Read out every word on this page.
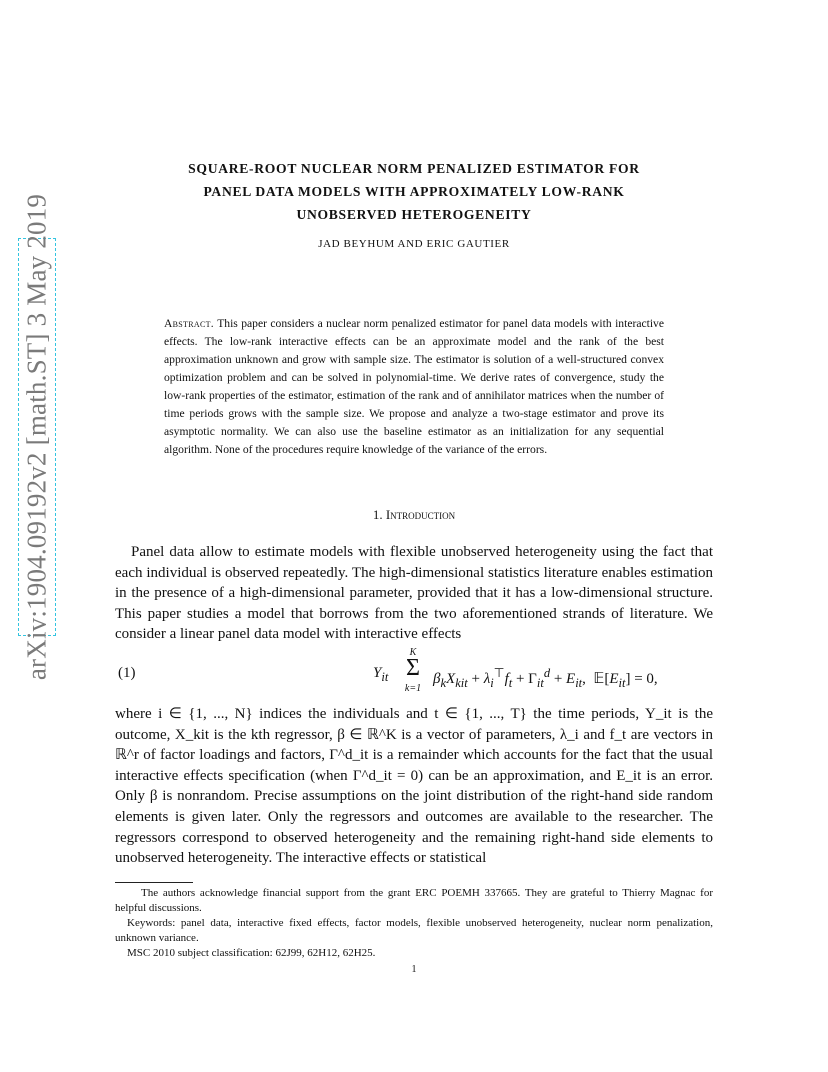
arXiv:1904.09192v2 [math.ST] 3 May 2019
SQUARE-ROOT NUCLEAR NORM PENALIZED ESTIMATOR FOR
PANEL DATA MODELS WITH APPROXIMATELY LOW-RANK
UNOBSERVED HETEROGENEITY
JAD BEYHUM AND ERIC GAUTIER
Abstract. This paper considers a nuclear norm penalized estimator for panel data models with interactive effects. The low-rank interactive effects can be an approximate model and the rank of the best approximation unknown and grow with sample size. The estimator is solution of a well-structured convex optimization problem and can be solved in polynomial-time. We derive rates of convergence, study the low-rank properties of the estimator, estimation of the rank and of annihilator matrices when the number of time periods grows with the sample size. We propose and analyze a two-stage estimator and prove its asymptotic normality. We can also use the baseline estimator as an initialization for any sequential algorithm. None of the procedures require knowledge of the variance of the errors.
1. Introduction
Panel data allow to estimate models with flexible unobserved heterogeneity using the fact that each individual is observed repeatedly. The high-dimensional statistics literature enables estimation in the presence of a high-dimensional parameter, provided that it has a low-dimensional structure. This paper studies a model that borrows from the two aforementioned strands of literature. We consider a linear panel data model with interactive effects
(1)	$Y_{it}$
K
Σ
k=1
$\beta_kX_{kit} + \lambda_i^⊤f_t + \Gamma_{it}^d + E_{it}$,  $𝔼[E_{it}] = 0$,
where i ∈ {1, ..., N} indices the individuals and t ∈ {1, ..., T} the time periods, Y_it is the outcome, X_kit is the kth regressor, β ∈ ℝ^K is a vector of parameters, λ_i and f_t are vectors in ℝ^r of factor loadings and factors, Γ^d_it is a remainder which accounts for the fact that the usual interactive effects specification (when Γ^d_it = 0) can be an approximation, and E_it is an error. Only β is nonrandom. Precise assumptions on the joint distribution of the right-hand side random elements is given later. Only the regressors and outcomes are available to the researcher. The regressors correspond to observed heterogeneity and the remaining right-hand side elements to unobserved heterogeneity. The interactive effects or statistical
The authors acknowledge financial support from the grant ERC POEMH 337665. They are grateful to Thierry Magnac for helpful discussions.
Keywords: panel data, interactive fixed effects, factor models, flexible unobserved heterogeneity, nuclear norm penalization, unknown variance.
MSC 2010 subject classification: 62J99, 62H12, 62H25.
1
